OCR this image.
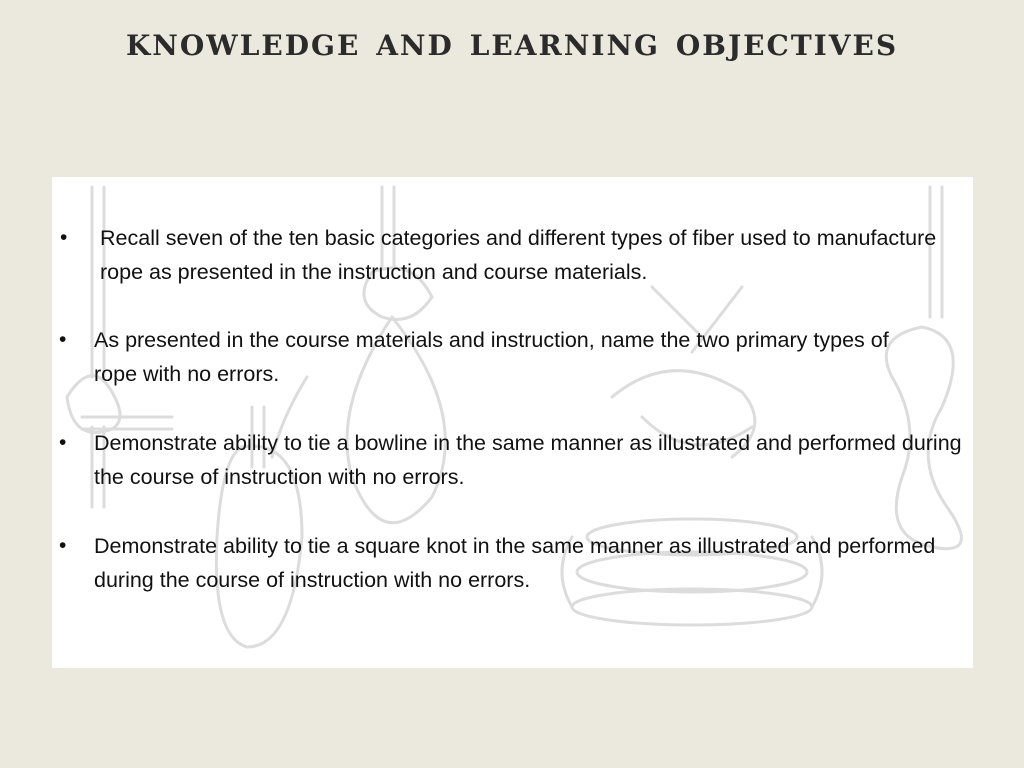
knowledge and learning objectives
• Recall seven of the ten basic categories and different types of fiber used to manufacture rope as presented in the instruction and course materials.
• As presented in the course materials and instruction, name the two primary types of rope with no errors.
• Demonstrate ability to tie a bowline in the same manner as illustrated and performed during the course of instruction with no errors.
• Demonstrate ability to tie a square knot in the same manner as illustrated and performed during the course of instruction with no errors.
